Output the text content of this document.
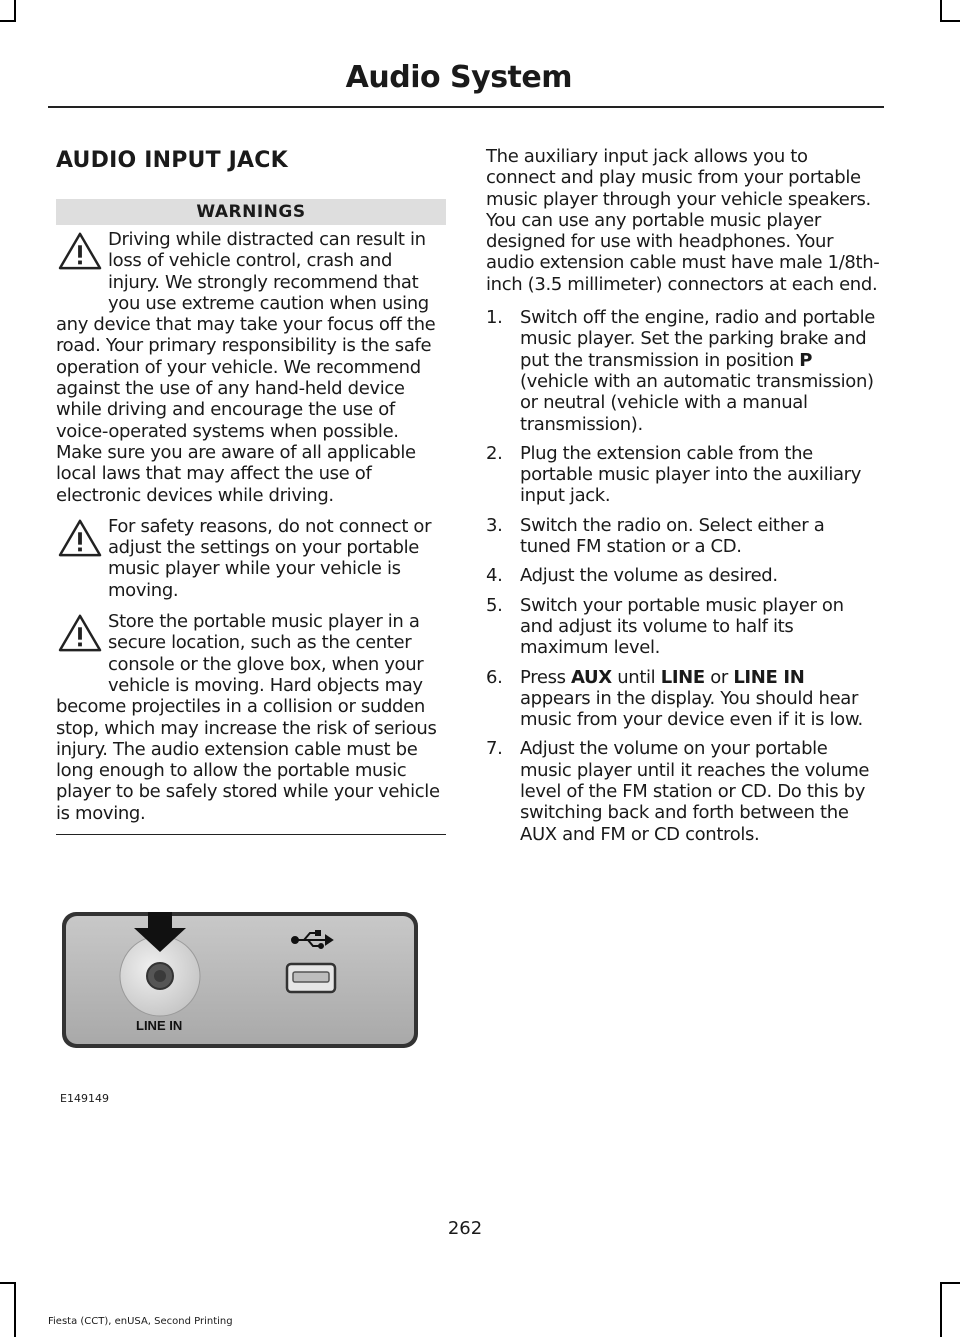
Audio System
AUDIO INPUT JACK
WARNINGS
Driving while distracted can result in loss of vehicle control, crash and injury. We strongly recommend that you use extreme caution when using any device that may take your focus off the road. Your primary responsibility is the safe operation of your vehicle. We recommend against the use of any hand-held device while driving and encourage the use of voice-operated systems when possible. Make sure you are aware of all applicable local laws that may affect the use of electronic devices while driving.
For safety reasons, do not connect or adjust the settings on your portable music player while your vehicle is moving.
Store the portable music player in a secure location, such as the center console or the glove box, when your vehicle is moving. Hard objects may become projectiles in a collision or sudden stop, which may increase the risk of serious injury. The audio extension cable must be long enough to allow the portable music player to be safely stored while your vehicle is moving.
The auxiliary input jack allows you to connect and play music from your portable music player through your vehicle speakers. You can use any portable music player designed for use with headphones. Your audio extension cable must have male 1/8th-inch (3.5 millimeter) connectors at each end.
1. Switch off the engine, radio and portable music player. Set the parking brake and put the transmission in position P (vehicle with an automatic transmission) or neutral (vehicle with a manual transmission).
2. Plug the extension cable from the portable music player into the auxiliary input jack.
3. Switch the radio on. Select either a tuned FM station or a CD.
4. Adjust the volume as desired.
5. Switch your portable music player on and adjust its volume to half its maximum level.
6. Press AUX until LINE or LINE IN appears in the display. You should hear music from your device even if it is low.
7. Adjust the volume on your portable music player until it reaches the volume level of the FM station or CD. Do this by switching back and forth between the AUX and FM or CD controls.
LINE IN
E149149
262
Fiesta (CCT), enUSA, Second Printing
